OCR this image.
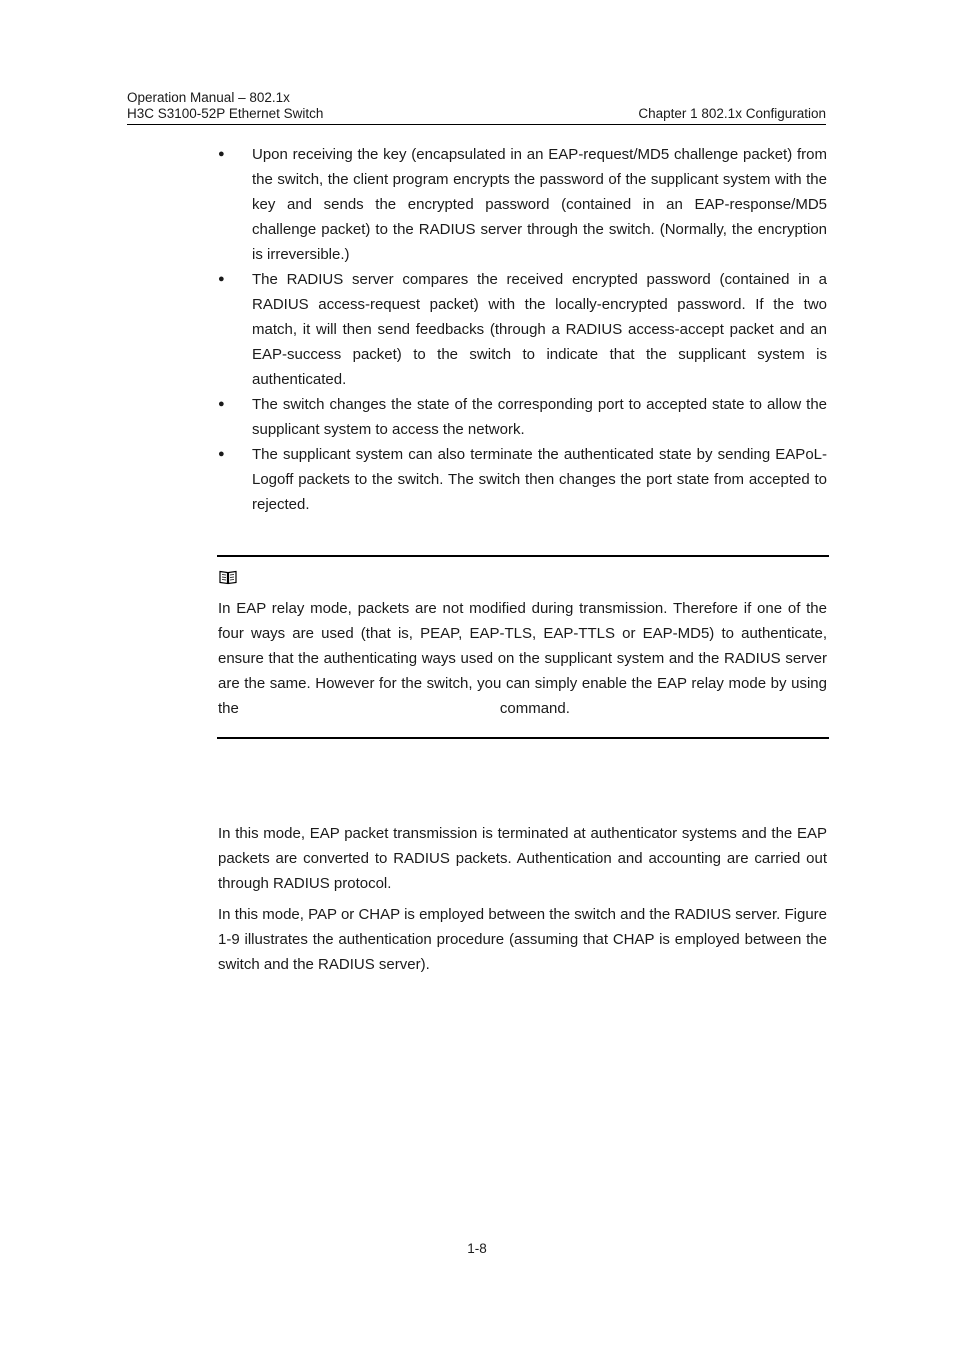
Operation Manual – 802.1x
H3C S3100-52P Ethernet Switch	Chapter 1 802.1x Configuration
● Upon receiving the key (encapsulated in an EAP-request/MD5 challenge packet) from the switch, the client program encrypts the password of the supplicant system with the key and sends the encrypted password (contained in an EAP-response/MD5 challenge packet) to the RADIUS server through the switch. (Normally, the encryption is irreversible.)
● The RADIUS server compares the received encrypted password (contained in a RADIUS access-request packet) with the locally-encrypted password. If the two match, it will then send feedbacks (through a RADIUS access-accept packet and an EAP-success packet) to the switch to indicate that the supplicant system is authenticated.
● The switch changes the state of the corresponding port to accepted state to allow the supplicant system to access the network.
● The supplicant system can also terminate the authenticated state by sending EAPoL-Logoff packets to the switch. The switch then changes the port state from accepted to rejected.
In EAP relay mode, packets are not modified during transmission. Therefore if one of the four ways are used (that is, PEAP, EAP-TLS, EAP-TTLS or EAP-MD5) to authenticate, ensure that the authenticating ways used on the supplicant system and the RADIUS server are the same. However for the switch, you can simply enable the EAP relay mode by using the	command.
In this mode, EAP packet transmission is terminated at authenticator systems and the EAP packets are converted to RADIUS packets. Authentication and accounting are carried out through RADIUS protocol.
In this mode, PAP or CHAP is employed between the switch and the RADIUS server. Figure 1-9 illustrates the authentication procedure (assuming that CHAP is employed between the switch and the RADIUS server).
1-8
